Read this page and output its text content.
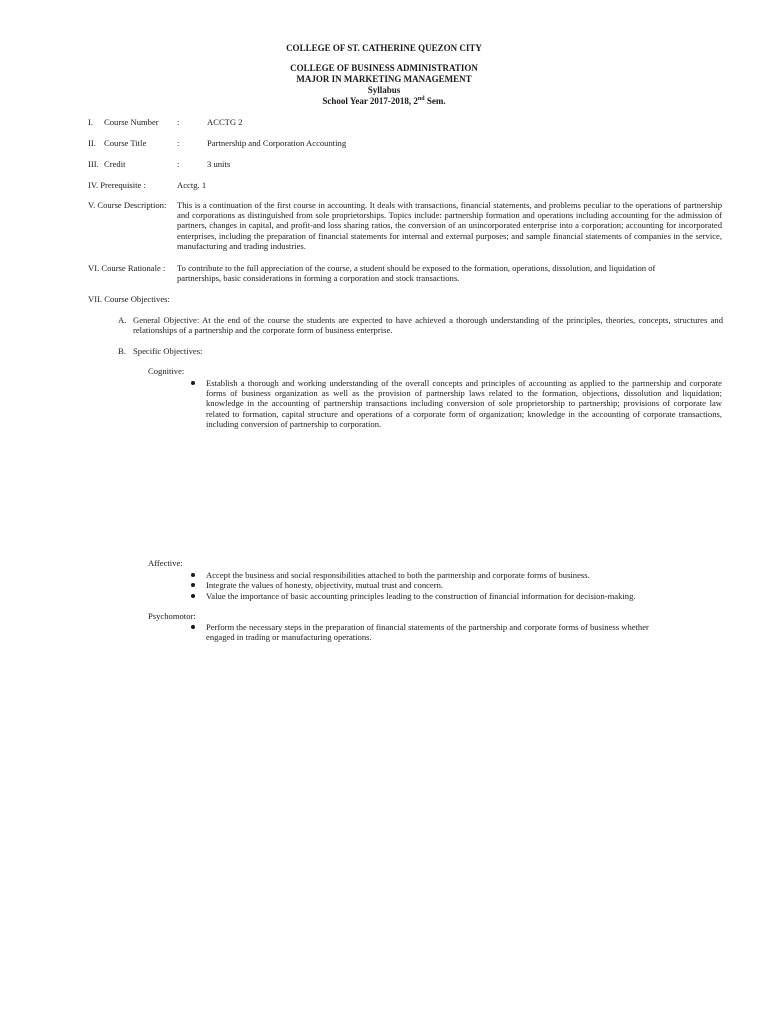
COLLEGE OF ST. CATHERINE QUEZON CITY
COLLEGE OF BUSINESS ADMINISTRATION
MAJOR IN MARKETING MANAGEMENT
Syllabus
School Year 2017-2018, 2nd Sem.
I. Course Number :	ACCTG 2
II. Course Title	:	Partnership and Corporation Accounting
III. Credit	:	3 units
IV. Prerequisite :	Acctg. 1
V. Course Description: This is a continuation of the first course in accounting. It deals with transactions, financial statements, and problems peculiar to the operations of partnership and corporations as distinguished from sole proprietorships. Topics include: partnership formation and operations including accounting for the admission of partners, changes in capital, and profit-and loss sharing ratios, the conversion of an unincorporated enterprise into a corporation; accounting for incorporated enterprises, including the preparation of financial statements for internal and external purposes; and sample financial statements of companies in the service, manufacturing and trading industries.
VI. Course Rationale : To contribute to the full appreciation of the course, a student should be exposed to the formation, operations, dissolution, and liquidation of partnerships, basic considerations in forming a corporation and stock transactions.
VII. Course Objectives:
A. General Objective: At the end of the course the students are expected to have achieved a thorough understanding of the principles, theories, concepts, structures and relationships of a partnership and the corporate form of business enterprise.
B. Specific Objectives:
Cognitive:
Establish a thorough and working understanding of the overall concepts and principles of accounting as applied to the partnership and corporate forms of business organization as well as the provision of partnership laws related to the formation, objections, dissolution and liquidation; knowledge in the accounting of partnership transactions including conversion of sole proprietorship to partnership; provisions of corporate law related to formation, capital structure and operations of a corporate form of organization; knowledge in the accounting of corporate transactions, including conversion of partnership to corporation.
Affective:
Accept the business and social responsibilities attached to both the partnership and corporate forms of business.
Integrate the values of honesty, objectivity, mutual trust and concern.
Value the importance of basic accounting principles leading to the construction of financial information for decision-making.
Psychomotor:
Perform the necessary steps in the preparation of financial statements of the partnership and corporate forms of business whether engaged in trading or manufacturing operations.
